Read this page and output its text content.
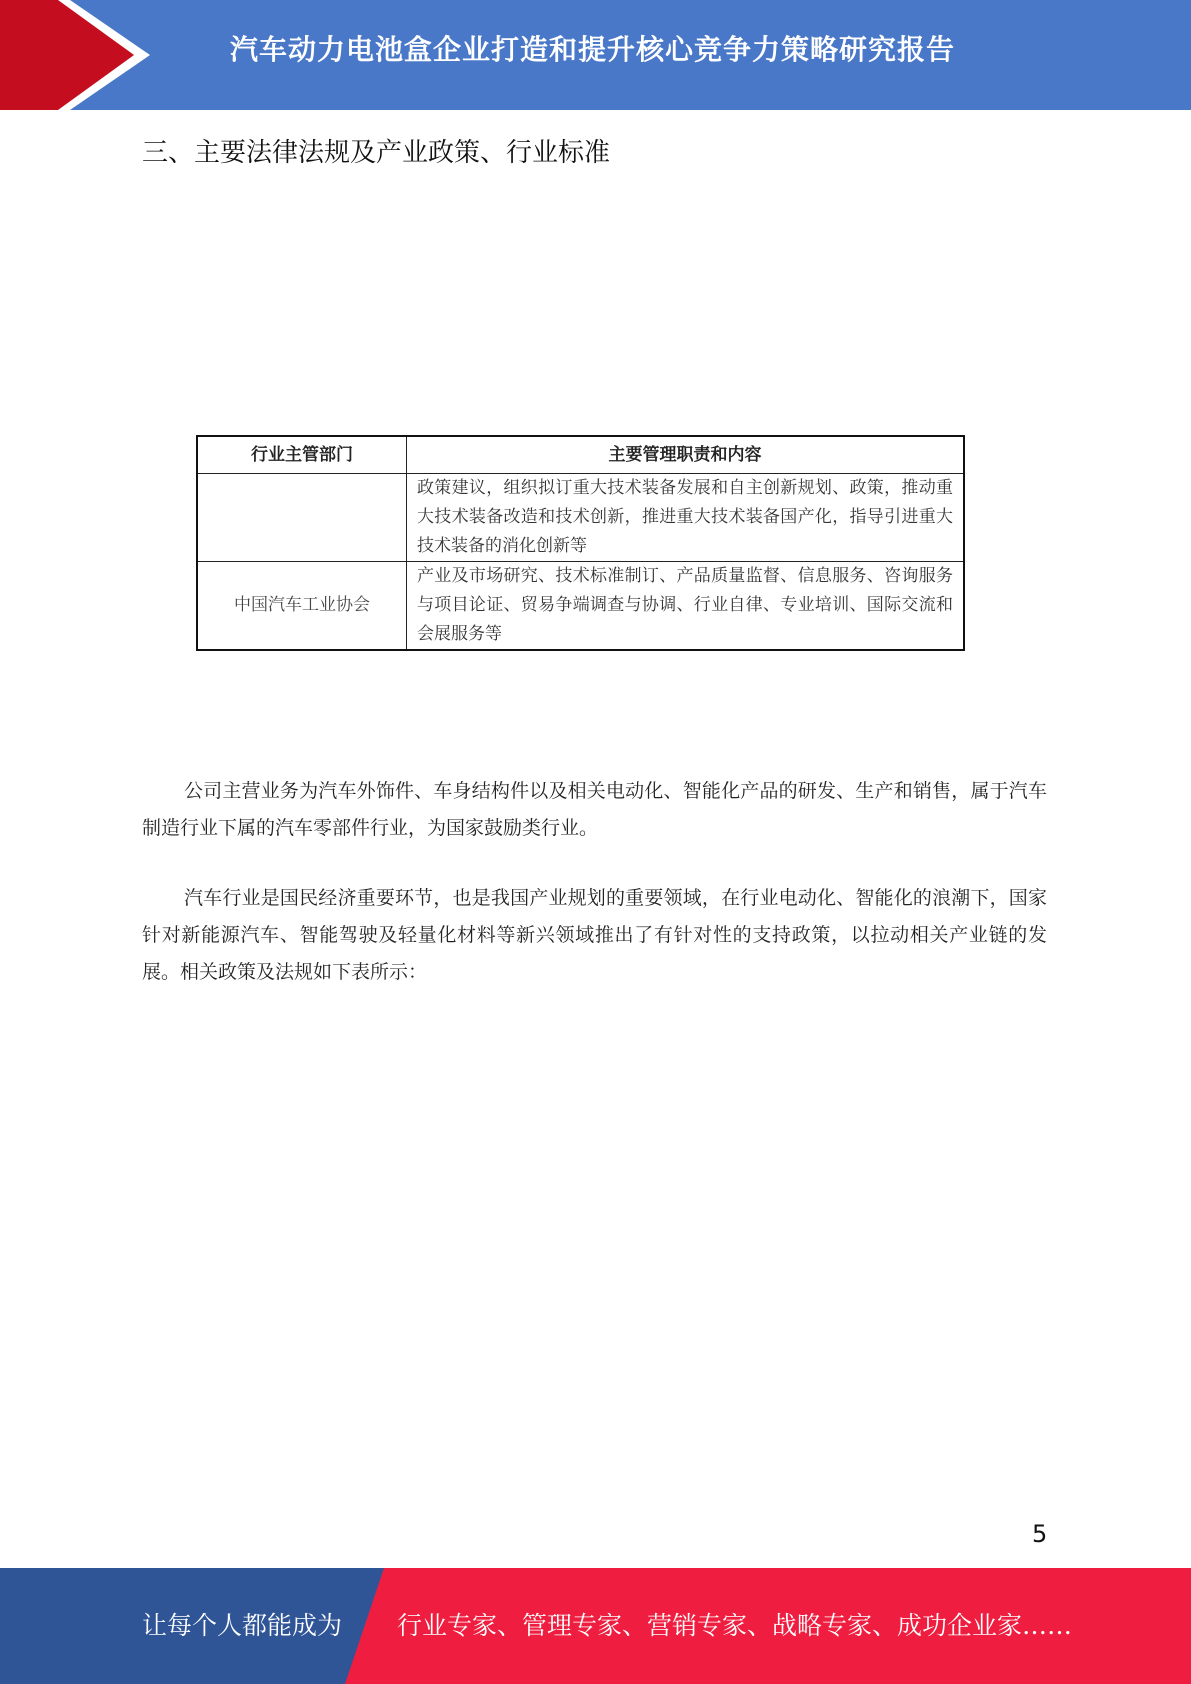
汽车动力电池盒企业打造和提升核心竞争力策略研究报告
三、主要法律法规及产业政策、行业标准

行业主管部门	主要管理职责和内容
	政策建议，组织拟订重大技术装备发展和自主创新规划、政策，推动重大技术装备改造和技术创新，推进重大技术装备国产化，指导引进重大技术装备的消化创新等
中国汽车工业协会	产业及市场研究、技术标准制订、产品质量监督、信息服务、咨询服务与项目论证、贸易争端调查与协调、行业自律、专业培训、国际交流和会展服务等

公司主营业务为汽车外饰件、车身结构件以及相关电动化、智能化产品的研发、生产和销售，属于汽车制造行业下属的汽车零部件行业，为国家鼓励类行业。

汽车行业是国民经济重要环节，也是我国产业规划的重要领域，在行业电动化、智能化的浪潮下，国家针对新能源汽车、智能驾驶及轻量化材料等新兴领域推出了有针对性的支持政策，以拉动相关产业链的发展。相关政策及法规如下表所示：

5
让每个人都能成为 行业专家、管理专家、营销专家、战略专家、成功企业家……
